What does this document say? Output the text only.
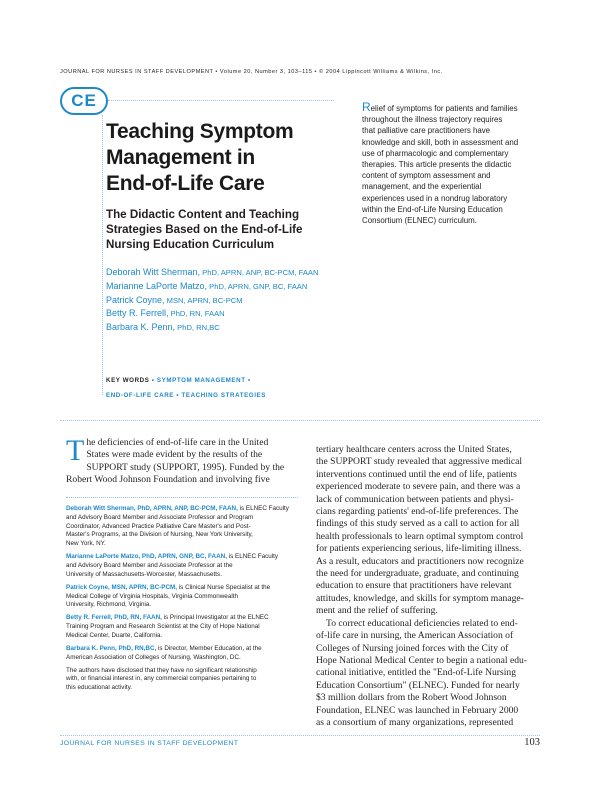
JOURNAL FOR NURSES IN STAFF DEVELOPMENT • Volume 20, Number 3, 103–115 • © 2004 Lippincott Williams & Wilkins, Inc.
CE
Teaching Symptom
Management in
End-of-Life Care
The Didactic Content and Teaching
Strategies Based on the End-of-Life
Nursing Education Curriculum
Deborah Witt Sherman, PhD, APRN, ANP, BC-PCM, FAAN
Marianne LaPorte Matzo, PhD, APRN, GNP, BC, FAAN
Patrick Coyne, MSN, APRN, BC-PCM
Betty R. Ferrell, PhD, RN, FAAN
Barbara K. Penn, PhD, RN,BC
Relief of symptoms for patients and families
throughout the illness trajectory requires
that palliative care practitioners have
knowledge and skill, both in assessment and
use of pharmacologic and complementary
therapies. This article presents the didactic
content of symptom assessment and
management, and the experiential
experiences used in a nondrug laboratory
within the End-of-Life Nursing Education
Consortium (ELNEC) curriculum.
KEY WORDS • SYMPTOM MANAGEMENT •
END-OF-LIFE CARE • TEACHING STRATEGIES
T he deficiencies of end-of-life care in the United
States were made evident by the results of the
SUPPORT study (SUPPORT, 1995). Funded by the
Robert Wood Johnson Foundation and involving five
Deborah Witt Sherman, PhD, APRN, ANP, BC-PCM, FAAN, is ELNEC Faculty
and Advisory Board Member and Associate Professor and Program
Coordinator, Advanced Practice Palliative Care Master's and Post-
Master's Programs, at the Division of Nursing, New York University,
New York, NY.
Marianne LaPorte Matzo, PhD, APRN, GNP, BC, FAAN, is ELNEC Faculty
and Advisory Board Member and Associate Professor at the
University of Massachusetts-Worcester, Massachusetts.
Patrick Coyne, MSN, APRN, BC-PCM, is Clinical Nurse Specialist at the
Medical College of Virginia Hospitals, Virginia Commonwealth
University, Richmond, Virginia.
Betty R. Ferrell, PhD, RN, FAAN, is Principal Investigator at the ELNEC
Training Program and Research Scientist at the City of Hope National
Medical Center, Duarte, California.
Barbara K. Penn, PhD, RN,BC, is Director, Member Education, at the
American Association of Colleges of Nursing, Washington, DC.
The authors have disclosed that they have no significant relationship
with, or financial interest in, any commercial companies pertaining to
this educational activity.
tertiary healthcare centers across the United States,
the SUPPORT study revealed that aggressive medical
interventions continued until the end of life, patients
experienced moderate to severe pain, and there was a
lack of communication between patients and physi-
cians regarding patients' end-of-life preferences. The
findings of this study served as a call to action for all
health professionals to learn optimal symptom control
for patients experiencing serious, life-limiting illness.
As a result, educators and practitioners now recognize
the need for undergraduate, graduate, and continuing
education to ensure that practitioners have relevant
attitudes, knowledge, and skills for symptom manage-
ment and the relief of suffering.
To correct educational deficiencies related to end-
of-life care in nursing, the American Association of
Colleges of Nursing joined forces with the City of
Hope National Medical Center to begin a national edu-
cational initiative, entitled the "End-of-Life Nursing
Education Consortium" (ELNEC). Funded for nearly
$3 million dollars from the Robert Wood Johnson
Foundation, ELNEC was launched in February 2000
as a consortium of many organizations, represented
JOURNAL FOR NURSES IN STAFF DEVELOPMENT	103
